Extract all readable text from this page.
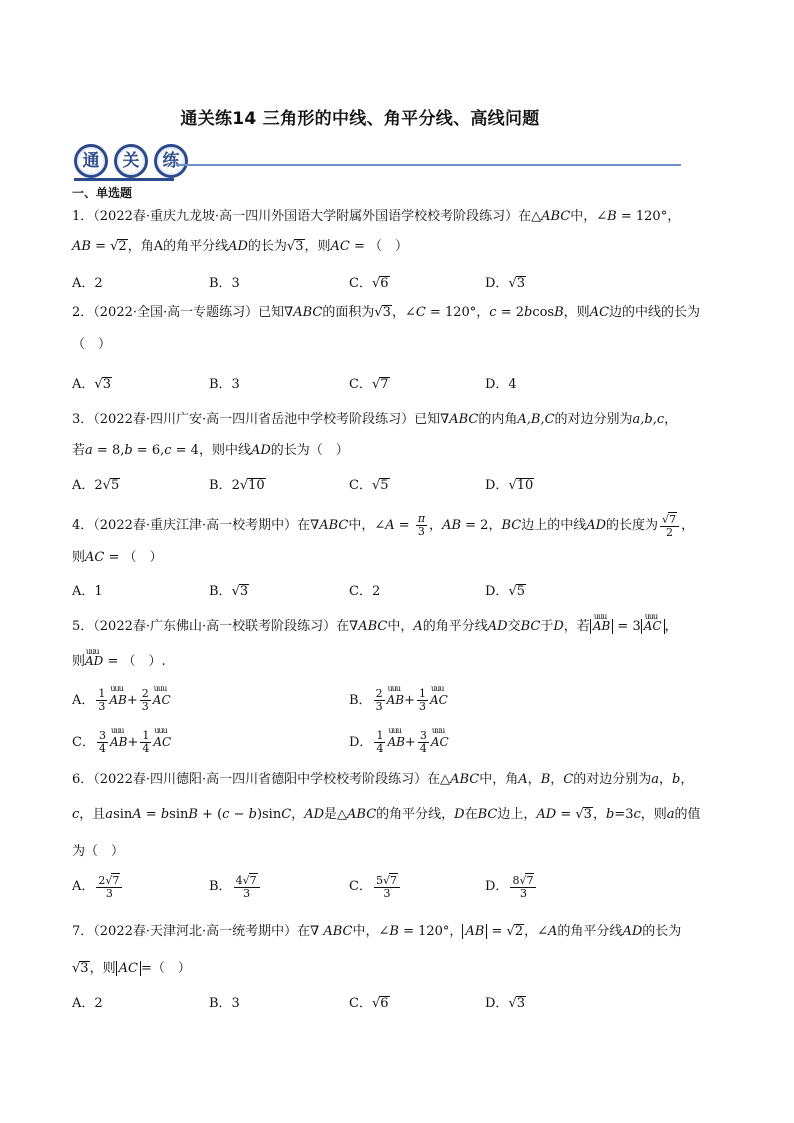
通关练14 三角形的中线、角平分线、高线问题
通	关	练
一、单选题
1．（2022春·重庆九龙坡·高一四川外国语大学附属外国语学校校考阶段练习）在△ABC中，∠B = 120°，
AB = √2，角A的角平分线AD的长为√3，则AC = （　）
A．2	B．3	C．√6	D．√3
2．（2022·全国·高一专题练习）已知∇ABC的面积为√3，∠C = 120°，c = 2bcosB，则AC边的中线的长为
（　）
A．√3	B．3	C．√7	D．4
3．（2022春·四川广安·高一四川省岳池中学校考阶段练习）已知∇ABC的内角A,B,C的对边分别为a,b,c，
若a = 8,b = 6,c = 4，则中线AD的长为（　）
A．2√5	B．2√10	C．√5	D．√10
4．（2022春·重庆江津·高一校考期中）在∇ABC中，∠A = $\frac{\pi}{3}$ ，AB = 2，BC边上的中线AD的长度为 $\frac{√7}{2}$ ，
则AC = （　）
A．1	B．√3	C．2	D．√5
5．（2022春·广东佛山·高一校联考阶段练习）在∇ABC中，A的角平分线AD交BC于D，若 uuu AB = 3 uuu AC ，
则uuu AD = （　）.
A． $\frac{1}{3}$ uuu $AB+ \frac{2}{3}$ uuu AC	B． $\frac{2}{3}$ uuu $AB+ \frac{1}{3}$ uuu AC
C． $\frac{3}{4}$ uuu $AB+ \frac{1}{4}$ uuu AC	D． $\frac{1}{4}$ uuu $AB+ \frac{3}{4}$ uuu AC
6．（2022春·四川德阳·高一四川省德阳中学校校考阶段练习）在△ABC中，角A，B，C的对边分别为a，b，
c，且asinA = bsinB + (c − b)sinC，AD是△ABC的角平分线，D在BC边上，AD = √3，b=3c，则a的值
为（　）
A． $\frac{2√7}{3}$	B． $\frac{4√7}{3}$	C． $\frac{5√7}{3}$	D． $\frac{8√7}{3}$
7．（2022春·天津河北·高一统考期中）在∇ ABC中，∠B = 120°， AB = √2，∠A的角平分线AD的长为
√3，则 AC =（　）
A．2	B．3	C．√6	D．√3
